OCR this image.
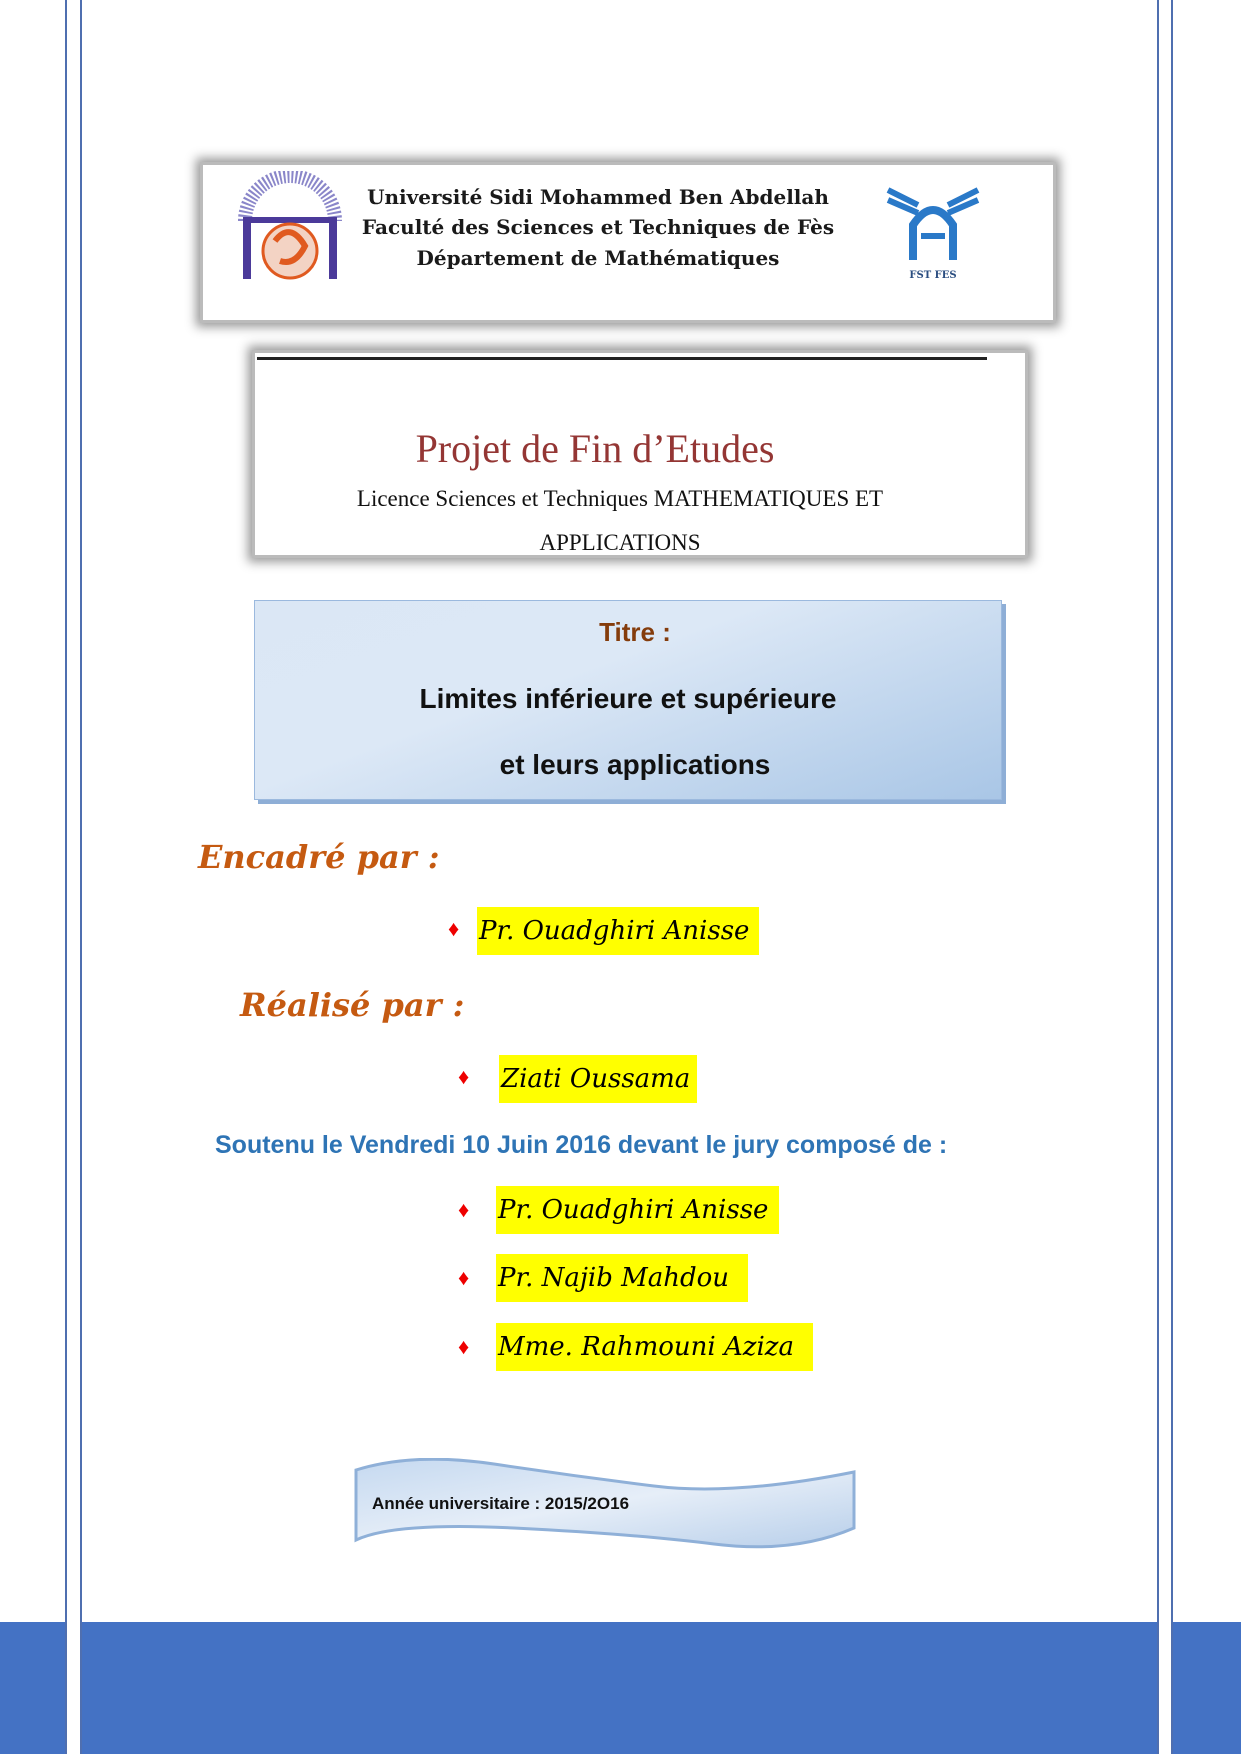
Université Sidi Mohammed Ben Abdellah
Faculté des Sciences et Techniques de Fès
Département de Mathématiques
FST FES
Projet de Fin d’Etudes
Licence Sciences et Techniques MATHEMATIQUES ET
APPLICATIONS
Titre :
Limites inférieure et supérieure
et leurs applications
Encadré par :
♦ Pr. Ouadghiri Anisse
Réalisé par :
♦ Ziati Oussama
Soutenu le Vendredi 10 Juin 2016 devant le jury composé de :
♦ Pr. Ouadghiri Anisse
♦ Pr. Najib Mahdou
♦ Mme. Rahmouni Aziza
Année universitaire : 2015/2O16
